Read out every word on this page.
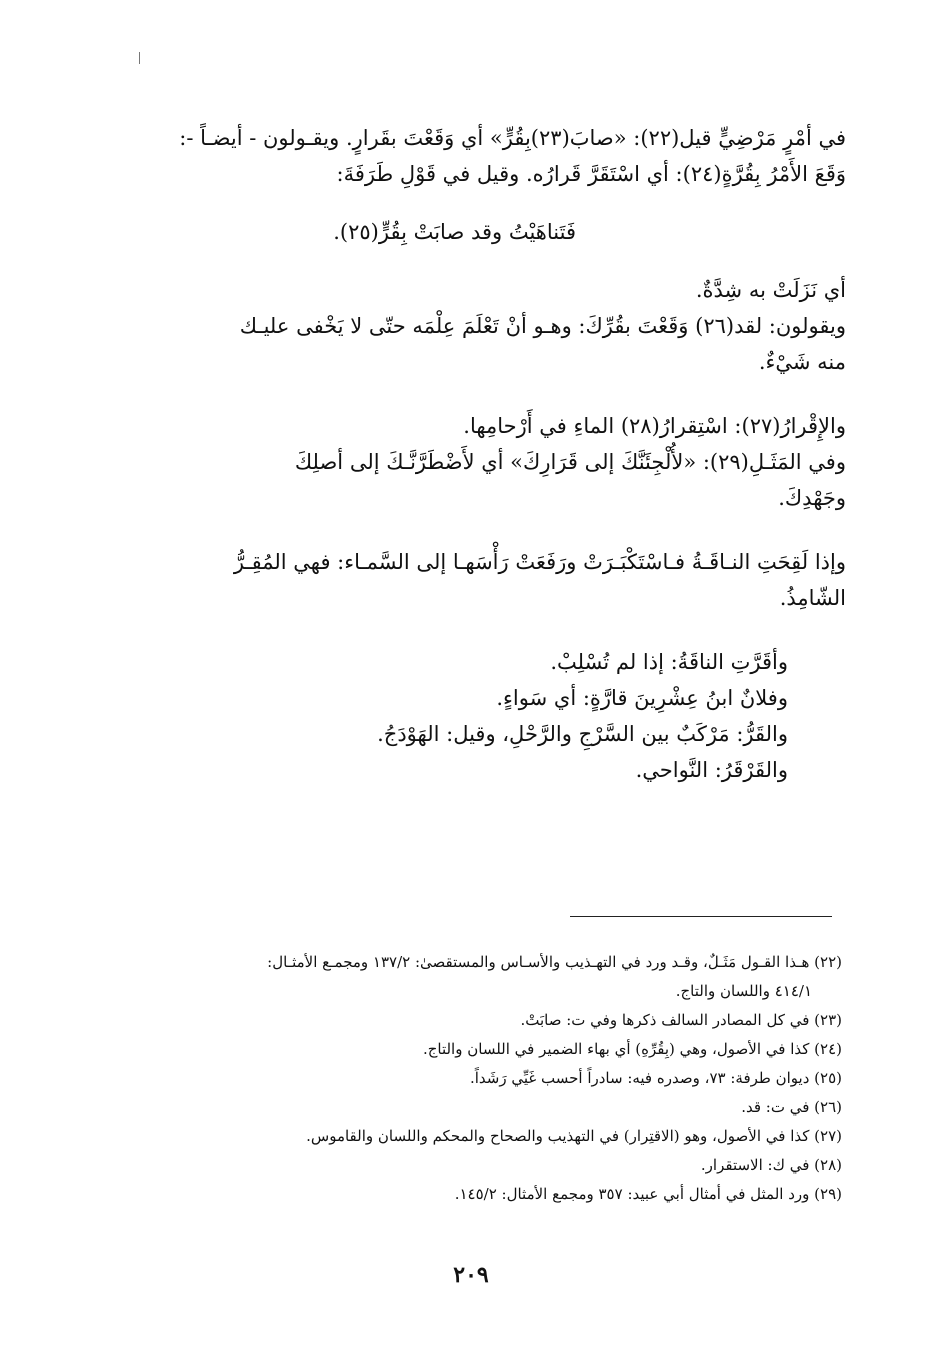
في أمْرٍ مَرْضِيٍّ قيل(٢٢): «صابَ(٢٣)بِقُرٍّ» أي وَقَعْتَ بقَرارٍ. ويقـولون - أيضـاً -:

وَقَعَ الأَمْرُ بِقُرَّةٍ(٢٤): أي اسْتَقَرَّ قَرارُه. وقيل في قَوْلِ طَرَفَةَ:

فَتَناهَيْتُ وقد صابَتْ بِقُرٍّ(٢٥).

أي نَزَلَتْ به شِدَّةٌ.

ويقولون: لقد(٢٦) وَقَعْتَ بقُرِّكَ: وهـو أنْ تَعْلَمَ عِلْمَه حتّى لا يَخْفى عليـك

منه شَيْءٌ.

والإِقْرارُ(٢٧): اسْتِقرارُ(٢٨) الماءِ في أَرْحامِها.

وفي المَثَـلِ(٢٩): «لأُلْجِئَنَّكَ إلى قَرَارِكَ» أي لأَضْطَرَّنَّـكَ إلى أصلِكَ

وجَهْدِكَ.

وإذا لَقِحَتِ النـاقَـةُ فـاسْتَكْبَـرَتْ ورَفَعَتْ رَأْسَهـا إلى السَّمـاء: فهي المُقِـرُّ

الشّامِذُ.

وأقَرَّتِ الناقَةُ: إذا لم تُسْلِبْ.

وفلانٌ ابنُ عِشْرِينَ قارَّةٍ: أي سَواءٍ.

والقَرُّ: مَرْكَبٌ بين السَّرْجِ والرَّحْلِ، وقيل: الهَوْدَجُ.

والقَرْقَرُ: النَّواحي.

(٢٢) هـذا القـول مَثَـلٌ، وقـد ورد في التهـذيب والأسـاس والمستقصىٰ: ١٣٧/٢ ومجمـع الأمثـال:

٤١٤/١ واللسان والتاج.

(٢٣) في كل المصادر السالف ذكرها وفي ت: صابَتْ.

(٢٤) كذا في الأصول، وهي (بِقُرِّهِ) أي بهاء الضمير في اللسان والتاج.

(٢٥) ديوان طرفة: ٧٣، وصدره فيه: سادراً أحسب غَيِّي رَشَداً.

(٢٦) في ت: قد.

(٢٧) كذا في الأصول، وهو (الاقتِرار) في التهذيب والصحاح والمحكم واللسان والقاموس.

(٢٨) في ك: الاستقرار.

(٢٩) ورد المثل في أمثال أبي عبيد: ٣٥٧ ومجمع الأمثال: ١٤٥/٢.

٢٠٩
